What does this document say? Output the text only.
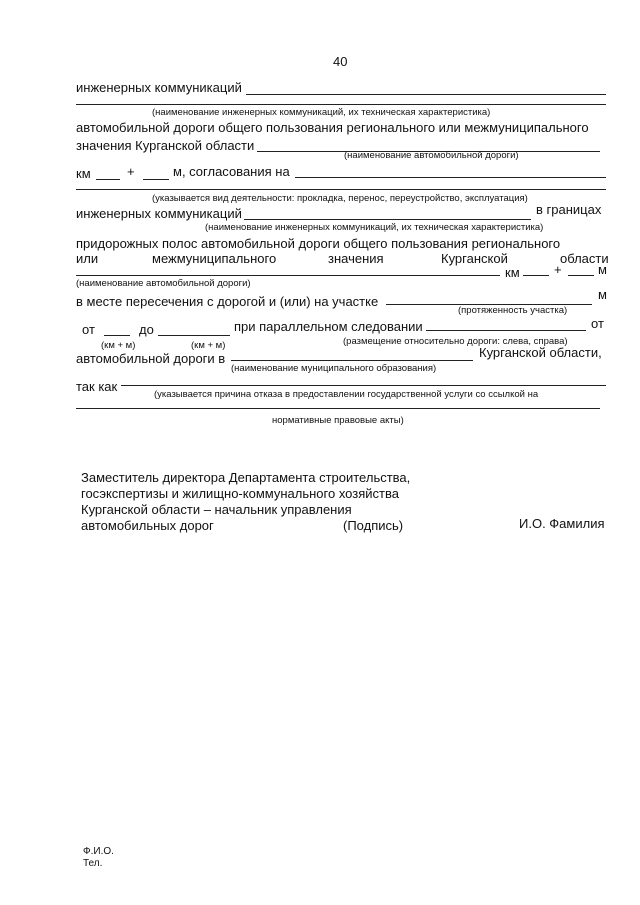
40
инженерных коммуникаций
(наименование инженерных коммуникаций, их техническая характеристика)
автомобильной дороги общего пользования регионального или межмуниципального
значения Курганской области
(наименование автомобильной дороги)
км	+	м, согласования на
(указывается вид деятельности: прокладка, перенос, переустройство, эксплуатация)
инженерных коммуникаций	в границах
(наименование инженерных коммуникаций, их техническая характеристика)
придорожных полос автомобильной дороги общего пользования регионального
или	межмуниципального	значения	Курганской	области
км	+	м
(наименование автомобильной дороги)
в месте пересечения с дорогой и (или) на участке	м
(протяженность участка)
от	до	при параллельном следовании	от
(км + м)	(км + м)	(размещение относительно дороги: слева, справа)
автомобильной дороги в	Курганской области,
(наименование муниципального образования)
так как
(указывается причина отказа в предоставлении государственной услуги со ссылкой на
нормативные правовые акты)
Заместитель директора Департамента строительства,
госэкспертизы и жилищно-коммунального хозяйства
Курганской области – начальник управления
автомобильных дорог	(Подпись)	И.О. Фамилия
Ф.И.О.
Тел.
